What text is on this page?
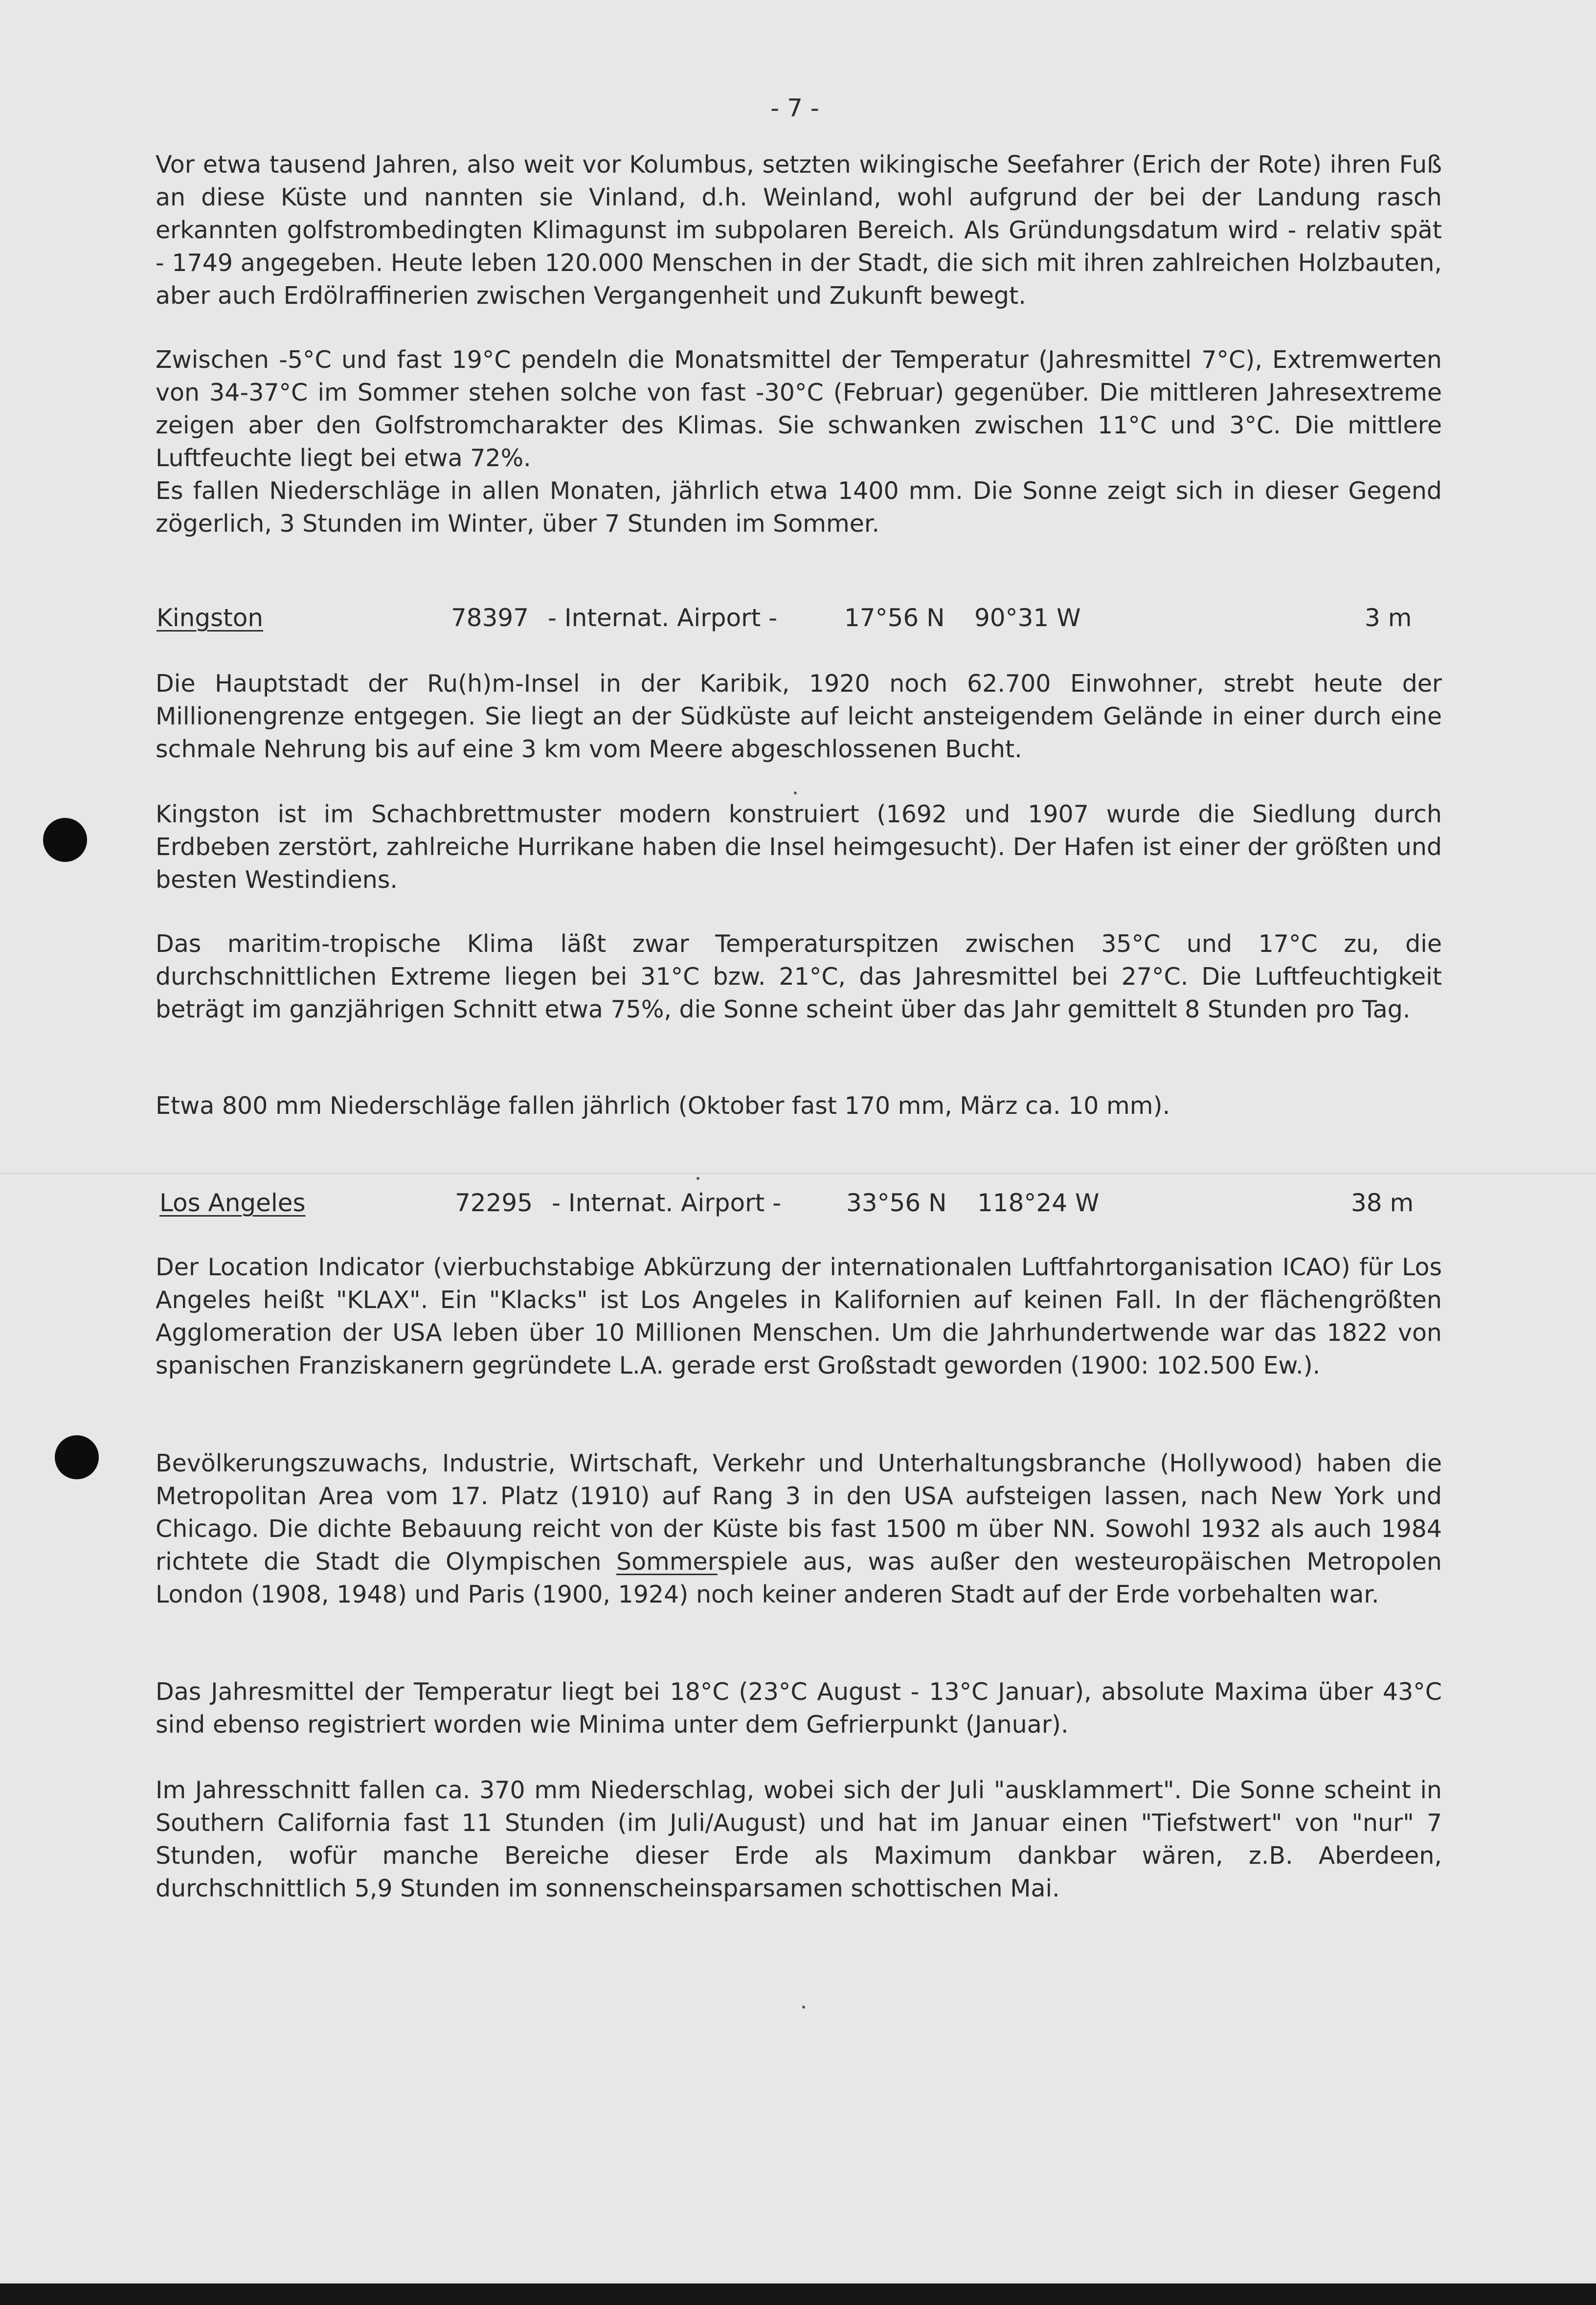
- 7 -

Vor etwa tausend Jahren, also weit vor Kolumbus, setzten wikingische Seefahrer (Erich der Rote) ihren Fuß an diese Küste und nannten sie Vinland, d.h. Weinland, wohl aufgrund der bei der Landung rasch erkannten golfstrombedingten Klimagunst im subpolaren Bereich. Als Gründungsdatum wird - relativ spät - 1749 angegeben. Heute leben 120.000 Menschen in der Stadt, die sich mit ihren zahlreichen Holzbauten, aber auch Erdölraffinerien zwischen Vergangenheit und Zukunft bewegt.

Zwischen -5°C und fast 19°C pendeln die Monatsmittel der Temperatur (Jahresmittel 7°C), Extremwerten von 34-37°C im Sommer stehen solche von fast -30°C (Februar) gegenüber. Die mittleren Jahresextreme zeigen aber den Golfstromcharakter des Klimas. Sie schwanken zwischen 11°C und 3°C. Die mittlere Luftfeuchte liegt bei etwa 72%.

Es fallen Niederschläge in allen Monaten, jährlich etwa 1400 mm. Die Sonne zeigt sich in dieser Gegend zögerlich, 3 Stunden im Winter, über 7 Stunden im Sommer.

Kingston	78397 - Internat. Airport -	17°56 N 90°31 W	3 m

Die Hauptstadt der Ru(h)m-Insel in der Karibik, 1920 noch 62.700 Einwohner, strebt heute der Millionengrenze entgegen. Sie liegt an der Südküste auf leicht ansteigendem Gelände in einer durch eine schmale Nehrung bis auf eine 3 km vom Meere abgeschlossenen Bucht.

Kingston ist im Schachbrettmuster modern konstruiert (1692 und 1907 wurde die Siedlung durch Erdbeben zerstört, zahlreiche Hurrikane haben die Insel heimgesucht). Der Hafen ist einer der größten und besten Westindiens.

Das maritim-tropische Klima läßt zwar Temperaturspitzen zwischen 35°C und 17°C zu, die durchschnittlichen Extreme liegen bei 31°C bzw. 21°C, das Jahresmittel bei 27°C. Die Luftfeuchtigkeit beträgt im ganzjährigen Schnitt etwa 75%, die Sonne scheint über das Jahr gemittelt 8 Stunden pro Tag.

Etwa 800 mm Niederschläge fallen jährlich (Oktober fast 170 mm, März ca. 10 mm).

Los Angeles	72295 - Internat. Airport -	33°56 N 118°24 W	38 m

Der Location Indicator (vierbuchstabige Abkürzung der internationalen Luftfahrtorganisation ICAO) für Los Angeles heißt "KLAX". Ein "Klacks" ist Los Angeles in Kalifornien auf keinen Fall. In der flächengrößten Agglomeration der USA leben über 10 Millionen Menschen. Um die Jahrhundertwende war das 1822 von spanischen Franziskanern gegründete L.A. gerade erst Großstadt geworden (1900: 102.500 Ew.).

Bevölkerungszuwachs, Industrie, Wirtschaft, Verkehr und Unterhaltungsbranche (Hollywood) haben die Metropolitan Area vom 17. Platz (1910) auf Rang 3 in den USA aufsteigen lassen, nach New York und Chicago. Die dichte Bebauung reicht von der Küste bis fast 1500 m über NN. Sowohl 1932 als auch 1984 richtete die Stadt die Olympischen Sommerspiele aus, was außer den westeuropäischen Metropolen London (1908, 1948) und Paris (1900, 1924) noch keiner anderen Stadt auf der Erde vorbehalten war.

Das Jahresmittel der Temperatur liegt bei 18°C (23°C August - 13°C Januar), absolute Maxima über 43°C sind ebenso registriert worden wie Minima unter dem Gefrierpunkt (Januar).

Im Jahresschnitt fallen ca. 370 mm Niederschlag, wobei sich der Juli "ausklammert". Die Sonne scheint in Southern California fast 11 Stunden (im Juli/August) und hat im Januar einen "Tiefstwert" von "nur" 7 Stunden, wofür manche Bereiche dieser Erde als Maximum dankbar wären, z.B. Aberdeen, durchschnittlich 5,9 Stunden im sonnenscheinsparsamen schottischen Mai.
